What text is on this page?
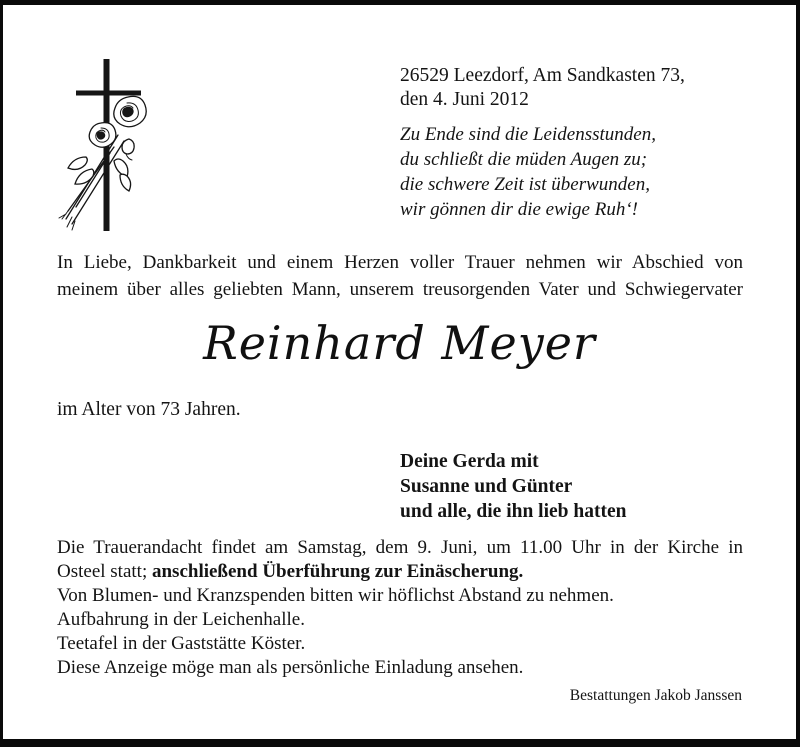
26529 Leezdorf, Am Sandkasten 73,
den 4. Juni 2012
Zu Ende sind die Leidensstunden,
du schließt die müden Augen zu;
die schwere Zeit ist überwunden,
wir gönnen dir die ewige Ruh‘!
In Liebe, Dankbarkeit und einem Herzen voller Trauer nehmen wir Abschied von
meinem über alles geliebten Mann, unserem treusorgenden Vater und Schwiegervater
Reinhard Meyer
im Alter von 73 Jahren.
Deine Gerda mit
Susanne und Günter
und alle, die ihn lieb hatten
Die Trauerandacht findet am Samstag, dem 9. Juni, um 11.00 Uhr in der Kirche in
Osteel statt; anschließend Überführung zur Einäscherung.
Von Blumen- und Kranzspenden bitten wir höflichst Abstand zu nehmen.
Aufbahrung in der Leichenhalle.
Teetafel in der Gaststätte Köster.
Diese Anzeige möge man als persönliche Einladung ansehen.
Bestattungen Jakob Janssen
